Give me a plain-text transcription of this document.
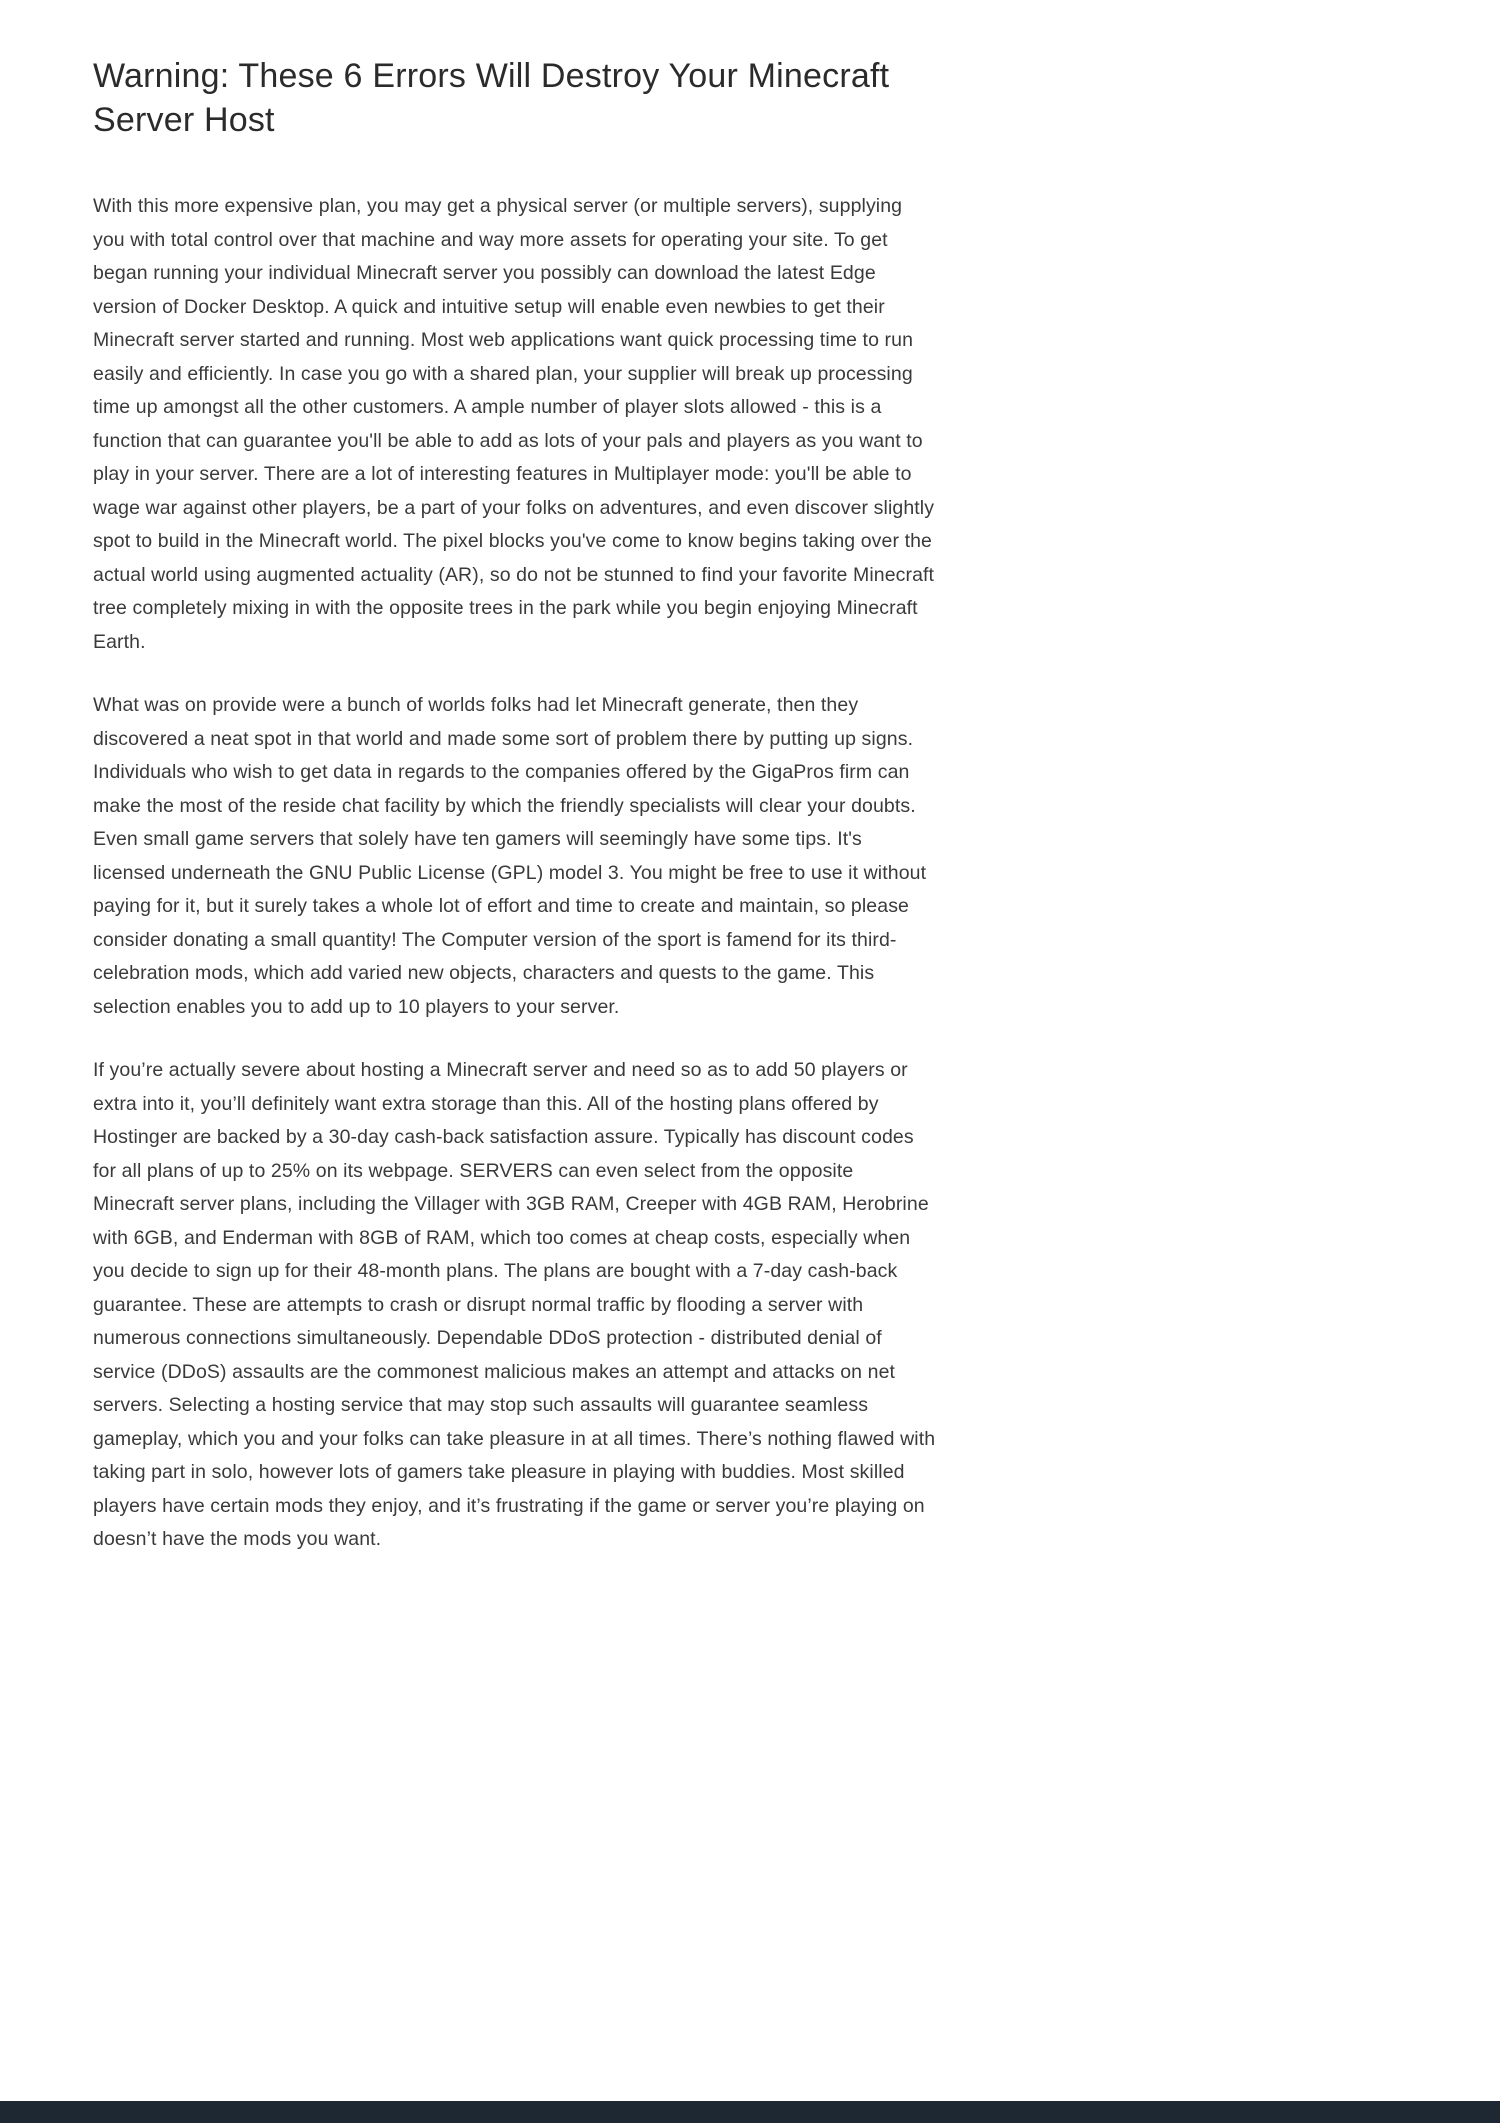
Warning: These 6 Errors Will Destroy Your Minecraft Server Host

With this more expensive plan, you may get a physical server (or multiple servers), supplying you with total control over that machine and way more assets for operating your site. To get began running your individual Minecraft server you possibly can download the latest Edge version of Docker Desktop. A quick and intuitive setup will enable even newbies to get their Minecraft server started and running. Most web applications want quick processing time to run easily and efficiently. In case you go with a shared plan, your supplier will break up processing time up amongst all the other customers. A ample number of player slots allowed - this is a function that can guarantee you'll be able to add as lots of your pals and players as you want to play in your server. There are a lot of interesting features in Multiplayer mode: you'll be able to wage war against other players, be a part of your folks on adventures, and even discover slightly spot to build in the Minecraft world. The pixel blocks you've come to know begins taking over the actual world using augmented actuality (AR), so do not be stunned to find your favorite Minecraft tree completely mixing in with the opposite trees in the park while you begin enjoying Minecraft Earth.

What was on provide were a bunch of worlds folks had let Minecraft generate, then they discovered a neat spot in that world and made some sort of problem there by putting up signs. Individuals who wish to get data in regards to the companies offered by the GigaPros firm can make the most of the reside chat facility by which the friendly specialists will clear your doubts. Even small game servers that solely have ten gamers will seemingly have some tips. It's licensed underneath the GNU Public License (GPL) model 3. You might be free to use it without paying for it, but it surely takes a whole lot of effort and time to create and maintain, so please consider donating a small quantity! The Computer version of the sport is famend for its third-celebration mods, which add varied new objects, characters and quests to the game. This selection enables you to add up to 10 players to your server.

If you’re actually severe about hosting a Minecraft server and need so as to add 50 players or extra into it, you’ll definitely want extra storage than this. All of the hosting plans offered by Hostinger are backed by a 30-day cash-back satisfaction assure. Typically has discount codes for all plans of up to 25% on its webpage. SERVERS can even select from the opposite Minecraft server plans, including the Villager with 3GB RAM, Creeper with 4GB RAM, Herobrine with 6GB, and Enderman with 8GB of RAM, which too comes at cheap costs, especially when you decide to sign up for their 48-month plans. The plans are bought with a 7-day cash-back guarantee. These are attempts to crash or disrupt normal traffic by flooding a server with numerous connections simultaneously. Dependable DDoS protection - distributed denial of service (DDoS) assaults are the commonest malicious makes an attempt and attacks on net servers. Selecting a hosting service that may stop such assaults will guarantee seamless gameplay, which you and your folks can take pleasure in at all times. There’s nothing flawed with taking part in solo, however lots of gamers take pleasure in playing with buddies. Most skilled players have certain mods they enjoy, and it’s frustrating if the game or server you’re playing on doesn’t have the mods you want.
